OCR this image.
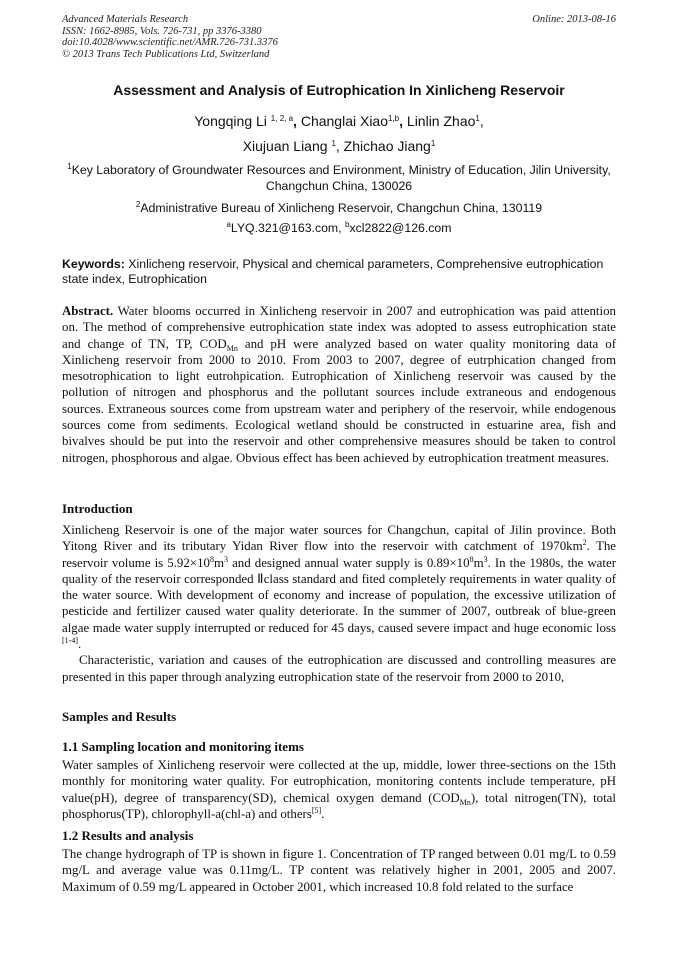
Advanced Materials Research
ISSN: 1662-8985, Vols. 726-731, pp 3376-3380
doi:10.4028/www.scientific.net/AMR.726-731.3376
© 2013 Trans Tech Publications Ltd, Switzerland
Online: 2013-08-16
Assessment and Analysis of Eutrophication In Xinlicheng Reservoir
Yongqing Li $^{1, 2, a}$, Changlai Xiao$^{1,b}$, Linlin Zhao$^1$,
Xiujuan Liang $^1$, Zhichao Jiang$^1$
$^1$Key Laboratory of Groundwater Resources and Environment, Ministry of Education, Jilin University, Changchun China, 130026
$^2$Administrative Bureau of Xinlicheng Reservoir, Changchun China, 130119
$^a$LYQ.321@163.com, $^b$xcl2822@126.com
Keywords: Xinlicheng reservoir, Physical and chemical parameters, Comprehensive eutrophication state index, Eutrophication
Abstract. Water blooms occurred in Xinlicheng reservoir in 2007 and eutrophication was paid attention on. The method of comprehensive eutrophication state index was adopted to assess eutrophication state and change of TN, TP, $COD_{Mn}$ and pH were analyzed based on water quality monitoring data of Xinlicheng reservoir from 2000 to 2010. From 2003 to 2007, degree of eutrphication changed from mesotrophication to light eutrohpication. Eutrophication of Xinlicheng reservoir was caused by the pollution of nitrogen and phosphorus and the pollutant sources include extraneous and endogenous sources. Extraneous sources come from upstream water and periphery of the reservoir, while endogenous sources come from sediments. Ecological wetland should be constructed in estuarine area, fish and bivalves should be put into the reservoir and other comprehensive measures should be taken to control nitrogen, phosphorous and algae. Obvious effect has been achieved by eutrophication treatment measures.
Introduction
Xinlicheng Reservoir is one of the major water sources for Changchun, capital of Jilin province. Both Yitong River and its tributary Yidan River flow into the reservoir with catchment of $1970km^2$. The reservoir volume is $5.92\times 10^8m^3$ and designed annual water supply is $0.89\times 10^8m^3$. In the 1980s, the water quality of the reservoir corresponded Ⅱclass standard and fited completely requirements in water quality of the water source. With development of economy and increase of population, the excessive utilization of pesticide and fertilizer caused water quality deteriorate. In the summer of 2007, outbreak of blue-green algae made water supply interrupted or reduced for 45 days, caused severe impact and huge economic loss [1-4].
Characteristic, variation and causes of the eutrophication are discussed and controlling measures are presented in this paper through analyzing eutrophication state of the reservoir from 2000 to 2010,
Samples and Results
1.1 Sampling location and monitoring items
Water samples of Xinlicheng reservoir were collected at the up, middle, lower three-sections on the 15th monthly for monitoring water quality. For eutrophication, monitoring contents include temperature, pH value(pH), degree of transparency(SD), chemical oxygen demand $(COD_{Mn})$, total nitrogen(TN), total phosphorus(TP), chlorophyll-a(chl-a) and others[5].
1.2 Results and analysis
The change hydrograph of TP is shown in figure 1. Concentration of TP ranged between 0.01 mg/L to 0.59 mg/L and average value was 0.11mg/L. TP content was relatively higher in 2001, 2005 and 2007. Maximum of 0.59 mg/L appeared in October 2001, which increased 10.8 fold related to the surface
